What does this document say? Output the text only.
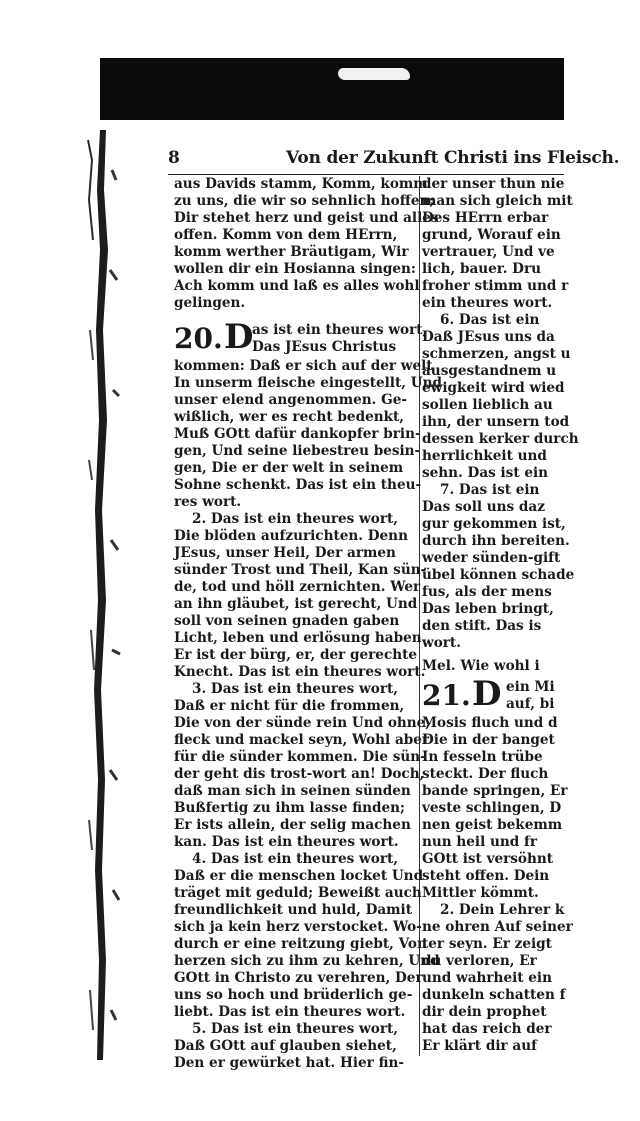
8	Von der Zukunft Christi ins Fleisch.
aus Davids stamm, Komm, komm
zu uns, die wir so sehnlich hoffen;
Dir stehet herz und geist und alles
offen. Komm von dem HErrn,
komm werther Bräutigam, Wir
wollen dir ein Hosianna singen:
Ach komm und laß es alles wohl
gelingen.
20. D
as ist ein theures wort,
Das JEsus Christus
kommen: Daß er sich auf der welt
In unserm fleische eingestellt, Und
unser elend angenommen. Ge-
wißlich, wer es recht bedenkt,
Muß GOtt dafür dankopfer brin-
gen, Und seine liebestreu besin-
gen, Die er der welt in seinem
Sohne schenkt. Das ist ein theu-
res wort.
2. Das ist ein theures wort,
Die blöden aufzurichten. Denn
JEsus, unser Heil, Der armen
sünder Trost und Theil, Kan sün-
de, tod und höll zernichten. Wer
an ihn gläubet, ist gerecht, Und
soll von seinen gnaden gaben
Licht, leben und erlösung haben.
Er ist der bürg, er, der gerechte
Knecht. Das ist ein theures wort.
3. Das ist ein theures wort,
Daß er nicht für die frommen,
Die von der sünde rein Und ohne,
fleck und mackel seyn, Wohl aber
für die sünder kommen. Die sün-
der geht dis trost-wort an! Doch,
daß man sich in seinen sünden
Bußfertig zu ihm lasse finden;
Er ists allein, der selig machen
kan. Das ist ein theures wort.
4. Das ist ein theures wort,
Daß er die menschen locket Und
träget mit geduld; Beweißt auch
freundlichkeit und huld, Damit
sich ja kein herz verstocket. Wo-
durch er eine reitzung giebt, Von
herzen sich zu ihm zu kehren, Und
GOtt in Christo zu verehren, Der
uns so hoch und brüderlich ge-
liebt. Das ist ein theures wort.
5. Das ist ein theures wort,
Daß GOtt auf glauben siehet,
Den er gewürket hat. Hier fin-
der unser thun nie
man sich gleich mit
Des HErrn erbar
grund, Worauf ein
vertrauer, Und ve
lich, bauer. Dru
froher stimm und r
ein theures wort.
6. Das ist ein
Daß JEsus uns da
schmerzen, angst u
ausgestandnem u
ewigkeit wird wied
sollen lieblich au
ihn, der unsern tod
dessen kerker durch
herrlichkeit und
sehn. Das ist ein
7. Das ist ein
Das soll uns daz
gur gekommen ist,
durch ihn bereiten.
weder sünden-gift
übel können schade
fus, als der mens
Das leben bringt,
den stift. Das is
wort.
Mel. Wie wohl i
21. D ein Mi
auf, bi
Mosis fluch und d
Die in der banget
In fesseln trübe
steckt. Der fluch
bande springen, Er
veste schlingen, D
nen geist bekemm
nun heil und fr
GOtt ist versöhnt
steht offen. Dein
Mittler kömmt.
2. Dein Lehrer k
ne ohren Auf seiner
ter seyn. Er zeigt
du verloren, Er
und wahrheit ein
dunkeln schatten f
dir dein prophet
hat das reich der
Er klärt dir auf
